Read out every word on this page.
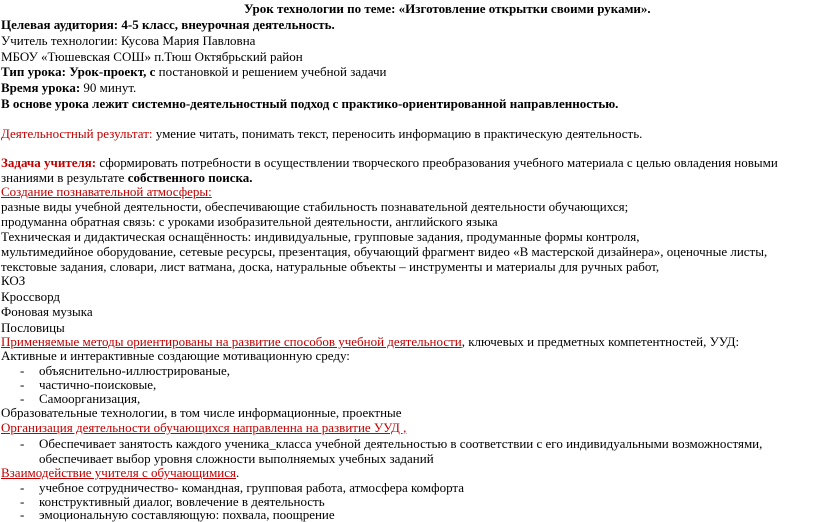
Урок технологии по теме: «Изготовление открытки своими руками».
Целевая аудитория: 4-5 класс, внеурочная деятельность.
Учитель технологии: Кусова Мария Павловна
МБОУ «Тюшевская СОШ» п.Тюш Октябрьский район
Тип урока: Урок-проект, с постановкой и решением учебной задачи
Время урока: 90 минут.
В основе урока лежит системно-деятельностный подход с практико-ориентированной направленностью.
Деятельностный результат: умение читать, понимать текст, переносить информацию в практическую деятельность.
Задача учителя: сформировать потребности в осуществлении творческого преобразования учебного материала с целью овладения новыми
знаниями в результате собственного поиска.
Создание познавательной атмосферы:
разные виды учебной деятельности, обеспечивающие стабильность познавательной деятельности обучающихся;
продуманна обратная связь: с уроками изобразительной деятельности, английского языка
Техническая и дидактическая оснащённость: индивидуальные, групповые задания, продуманные формы контроля,
мультимедийное оборудование, сетевые ресурсы, презентация, обучающий фрагмент видео «В мастерской дизайнера», оценочные листы,
текстовые задания, словари, лист ватмана, доска, натуральные объекты – инструменты и материалы для ручных работ,
КОЗ
Кроссворд
Фоновая музыка
Пословицы
Применяемые методы ориентированы на развитие способов учебной деятельности, ключевых и предметных компетентностей, УУД:
Активные и интерактивные создающие мотивационную среду:
- объяснительно-иллюстрированые,
- частично-поисковые,
- Самоорганизация,
Образовательные технологии, в том числе информационные, проектные
Организация деятельности обучающихся направленна на развитие УУД ,
- Обеспечивает занятость каждого ученика_класса учебной деятельностью в соответствии с его индивидуальными возможностями,
обеспечивает выбор уровня сложности выполняемых учебных заданий
Взаимодействие учителя с обучающимися.
- учебное сотрудничество- командная, групповая работа, атмосфера комфорта
- конструктивный диалог, вовлечение в деятельность
- эмоциональную составляющую: похвала, поощрение
